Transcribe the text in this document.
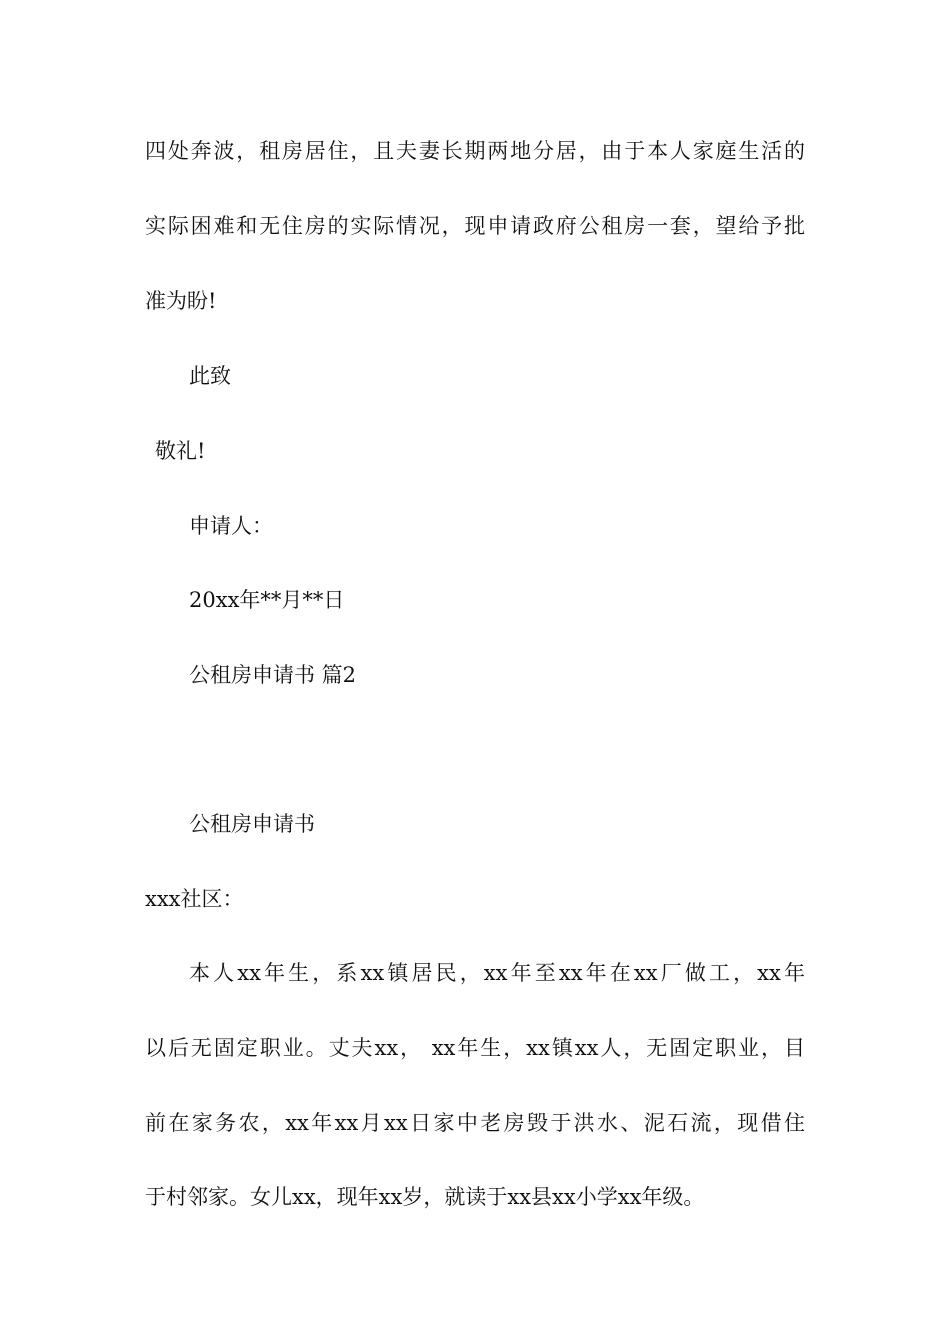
四处奔波，租房居住，且夫妻长期两地分居，由于本人家庭生活的

实际困难和无住房的实际情况，现申请政府公租房一套，望给予批

准为盼!

此致

敬礼!

申请人：

20xx年**月**日

公租房申请书 篇2

公租房申请书

xxx社区：

本人xx年生，系xx镇居民，xx年至xx年在xx厂做工，xx年

以后无固定职业。丈夫xx， xx年生，xx镇xx人，无固定职业，目

前在家务农，xx年xx月xx日家中老房毁于洪水、泥石流，现借住

于村邻家。女儿xx，现年xx岁，就读于xx县xx小学xx年级。
